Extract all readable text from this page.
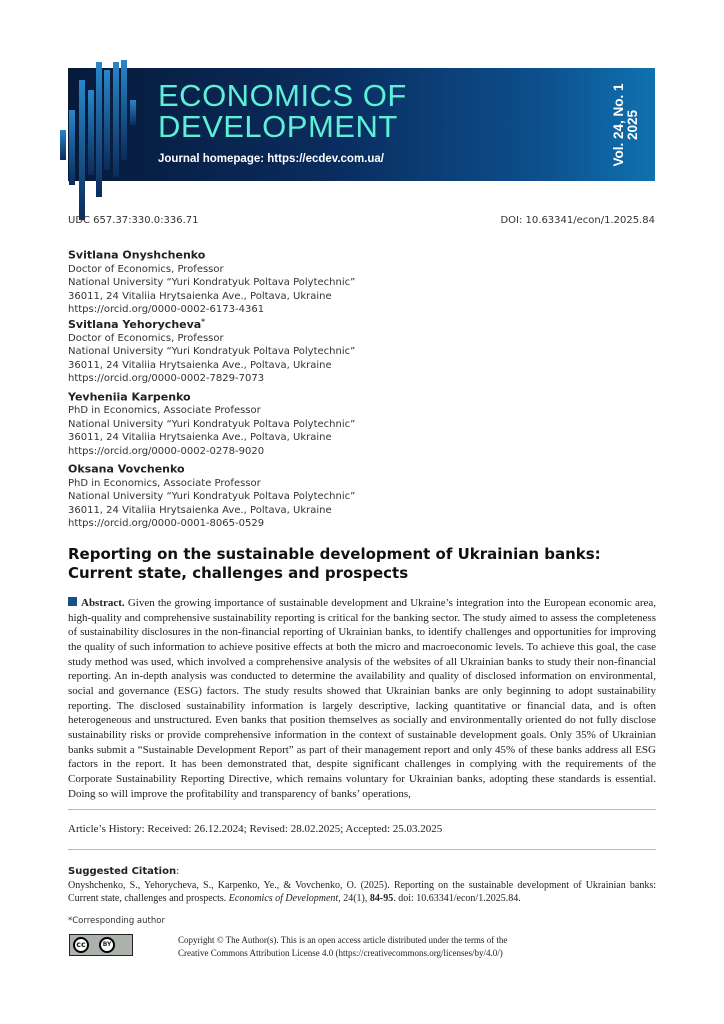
ECONOMICS OF
DEVELOPMENT
Journal homepage: https://ecdev.com.ua/	Vol. 24, No. 1 2025
UDC 657.37:330.0:336.71	DOI: 10.63341/econ/1.2025.84
Svitlana Onyshchenko
Doctor of Economics, Professor
National University “Yuri Kondratyuk Poltava Polytechnic”
36011, 24 Vitaliia Hrytsaienka Ave., Poltava, Ukraine
https://orcid.org/0000-0002-6173-4361
Svitlana Yehorycheva*
Doctor of Economics, Professor
National University “Yuri Kondratyuk Poltava Polytechnic”
36011, 24 Vitaliia Hrytsaienka Ave., Poltava, Ukraine
https://orcid.org/0000-0002-7829-7073
Yevheniia Karpenko
PhD in Economics, Associate Professor
National University “Yuri Kondratyuk Poltava Polytechnic”
36011, 24 Vitaliia Hrytsaienka Ave., Poltava, Ukraine
https://orcid.org/0000-0002-0278-9020
Oksana Vovchenko
PhD in Economics, Associate Professor
National University “Yuri Kondratyuk Poltava Polytechnic”
36011, 24 Vitaliia Hrytsaienka Ave., Poltava, Ukraine
https://orcid.org/0000-0001-8065-0529
Reporting on the sustainable development of Ukrainian banks: Current state, challenges and prospects
Abstract. Given the growing importance of sustainable development and Ukraine’s integration into the European economic area, high-quality and comprehensive sustainability reporting is critical for the banking sector. The study aimed to assess the completeness of sustainability disclosures in the non-financial reporting of Ukrainian banks, to identify challenges and opportunities for improving the quality of such information to achieve positive effects at both the micro and macroeconomic levels. To achieve this goal, the case study method was used, which involved a comprehensive analysis of the websites of all Ukrainian banks to study their non-financial reporting. An in-depth analysis was conducted to determine the availability and quality of disclosed information on environmental, social and governance (ESG) factors. The study results showed that Ukrainian banks are only beginning to adopt sustainability reporting. The disclosed sustainability information is largely descriptive, lacking quantitative or financial data, and is often heterogeneous and unstructured. Even banks that position themselves as socially and environmentally oriented do not fully disclose sustainability risks or provide comprehensive information in the context of sustainable development goals. Only 35% of Ukrainian banks submit a “Sustainable Development Report” as part of their management report and only 45% of these banks address all ESG factors in the report. It has been demonstrated that, despite significant challenges in complying with the requirements of the Corporate Sustainability Reporting Directive, which remains voluntary for Ukrainian banks, adopting these standards is essential. Doing so will improve the profitability and transparency of banks’ operations,
Article’s History: Received: 26.12.2024; Revised: 28.02.2025; Accepted: 25.03.2025
Suggested Citation:
Onyshchenko, S., Yehorycheva, S., Karpenko, Ye., & Vovchenko, O. (2025). Reporting on the sustainable development of Ukrainian banks: Current state, challenges and prospects. Economics of Development, 24(1), 84-95. doi: 10.63341/econ/1.2025.84.
*Corresponding author
cc	BY	Copyright © The Author(s). This is an open access article distributed under the terms of the
Creative Commons Attribution License 4.0 (https://creativecommons.org/licenses/by/4.0/)
